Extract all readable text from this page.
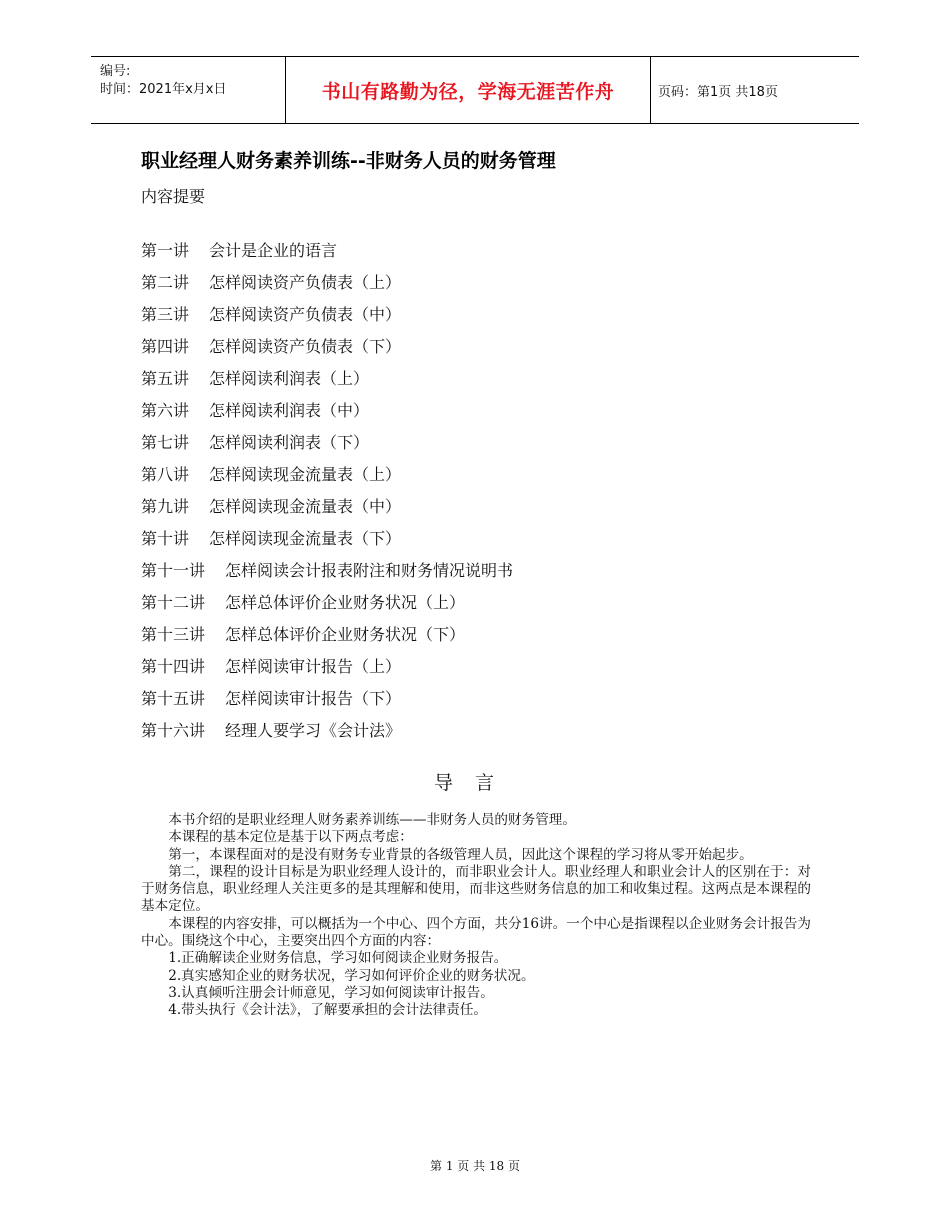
编号:
时间：2021年x月x日	书山有路勤为径，学海无涯苦作舟	页码：第1页 共18页
职业经理人财务素养训练--非财务人员的财务管理
内容提要
第一讲 会计是企业的语言
第二讲 怎样阅读资产负债表（上）
第三讲 怎样阅读资产负债表（中）
第四讲 怎样阅读资产负债表（下）
第五讲 怎样阅读利润表（上）
第六讲 怎样阅读利润表（中）
第七讲 怎样阅读利润表（下）
第八讲 怎样阅读现金流量表（上）
第九讲 怎样阅读现金流量表（中）
第十讲 怎样阅读现金流量表（下）
第十一讲 怎样阅读会计报表附注和财务情况说明书
第十二讲 怎样总体评价企业财务状况（上）
第十三讲 怎样总体评价企业财务状况（下）
第十四讲 怎样阅读审计报告（上）
第十五讲 怎样阅读审计报告（下）
第十六讲 经理人要学习《会计法》
导言

本书介绍的是职业经理人财务素养训练——非财务人员的财务管理。

本课程的基本定位是基于以下两点考虑：

第一，本课程面对的是没有财务专业背景的各级管理人员，因此这个课程的学习将从零开始起步。

第二，课程的设计目标是为职业经理人设计的，而非职业会计人。职业经理人和职业会计人的区别在于：对于财务信息，职业经理人关注更多的是其理解和使用，而非这些财务信息的加工和收集过程。这两点是本课程的基本定位。

本课程的内容安排，可以概括为一个中心、四个方面，共分16讲。一个中心是指课程以企业财务会计报告为中心。围绕这个中心，主要突出四个方面的内容：

1.正确解读企业财务信息，学习如何阅读企业财务报告。

2.真实感知企业的财务状况，学习如何评价企业的财务状况。

3.认真倾听注册会计师意见，学习如何阅读审计报告。

4.带头执行《会计法》，了解要承担的会计法律责任。

第 1 页 共 18 页
